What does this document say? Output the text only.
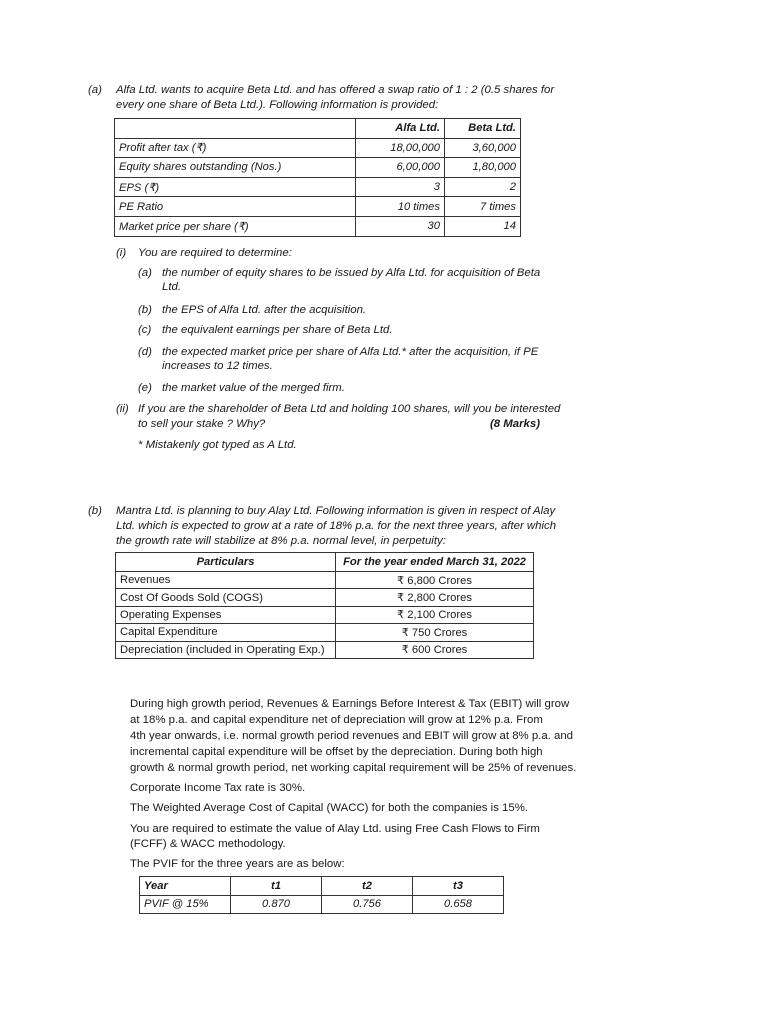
(a) Alfa Ltd. wants to acquire Beta Ltd. and has offered a swap ratio of 1 : 2 (0.5 shares for
every one share of Beta Ltd.). Following information is provided:
	Alfa Ltd.	Beta Ltd.
Profit after tax (₹)	18,00,000	3,60,000
Equity shares outstanding (Nos.)	6,00,000	1,80,000
EPS (₹)	3	2
PE Ratio	10 times	7 times
Market price per share (₹)	30	14
(i) You are required to determine:
(a) the number of equity shares to be issued by Alfa Ltd. for acquisition of Beta
Ltd.
(b) the EPS of Alfa Ltd. after the acquisition.
(c) the equivalent earnings per share of Beta Ltd.
(d) the expected market price per share of Alfa Ltd.* after the acquisition, if PE
increases to 12 times.
(e) the market value of the merged firm.
(ii) If you are the shareholder of Beta Ltd and holding 100 shares, will you be interested
to sell your stake ? Why?	(8 Marks)
* Mistakenly got typed as A Ltd.
(b) Mantra Ltd. is planning to buy Alay Ltd. Following information is given in respect of Alay
Ltd. which is expected to grow at a rate of 18% p.a. for the next three years, after which
the growth rate will stabilize at 8% p.a. normal level, in perpetuity:
Particulars	For the year ended March 31, 2022
Revenues	₹ 6,800 Crores
Cost Of Goods Sold (COGS)	₹ 2,800 Crores
Operating Expenses	₹ 2,100 Crores
Capital Expenditure	₹ 750 Crores
Depreciation (included in Operating Exp.)	₹ 600 Crores
During high growth period, Revenues & Earnings Before Interest & Tax (EBIT) will grow
at 18% p.a. and capital expenditure net of depreciation will grow at 12% p.a. From
4th year onwards, i.e. normal growth period revenues and EBIT will grow at 8% p.a. and
incremental capital expenditure will be offset by the depreciation. During both high
growth & normal growth period, net working capital requirement will be 25% of revenues.
Corporate Income Tax rate is 30%.
The Weighted Average Cost of Capital (WACC) for both the companies is 15%.
You are required to estimate the value of Alay Ltd. using Free Cash Flows to Firm
(FCFF) & WACC methodology.
The PVIF for the three years are as below:
Year	t1	t2	t3
PVIF @ 15%	0.870	0.756	0.658
